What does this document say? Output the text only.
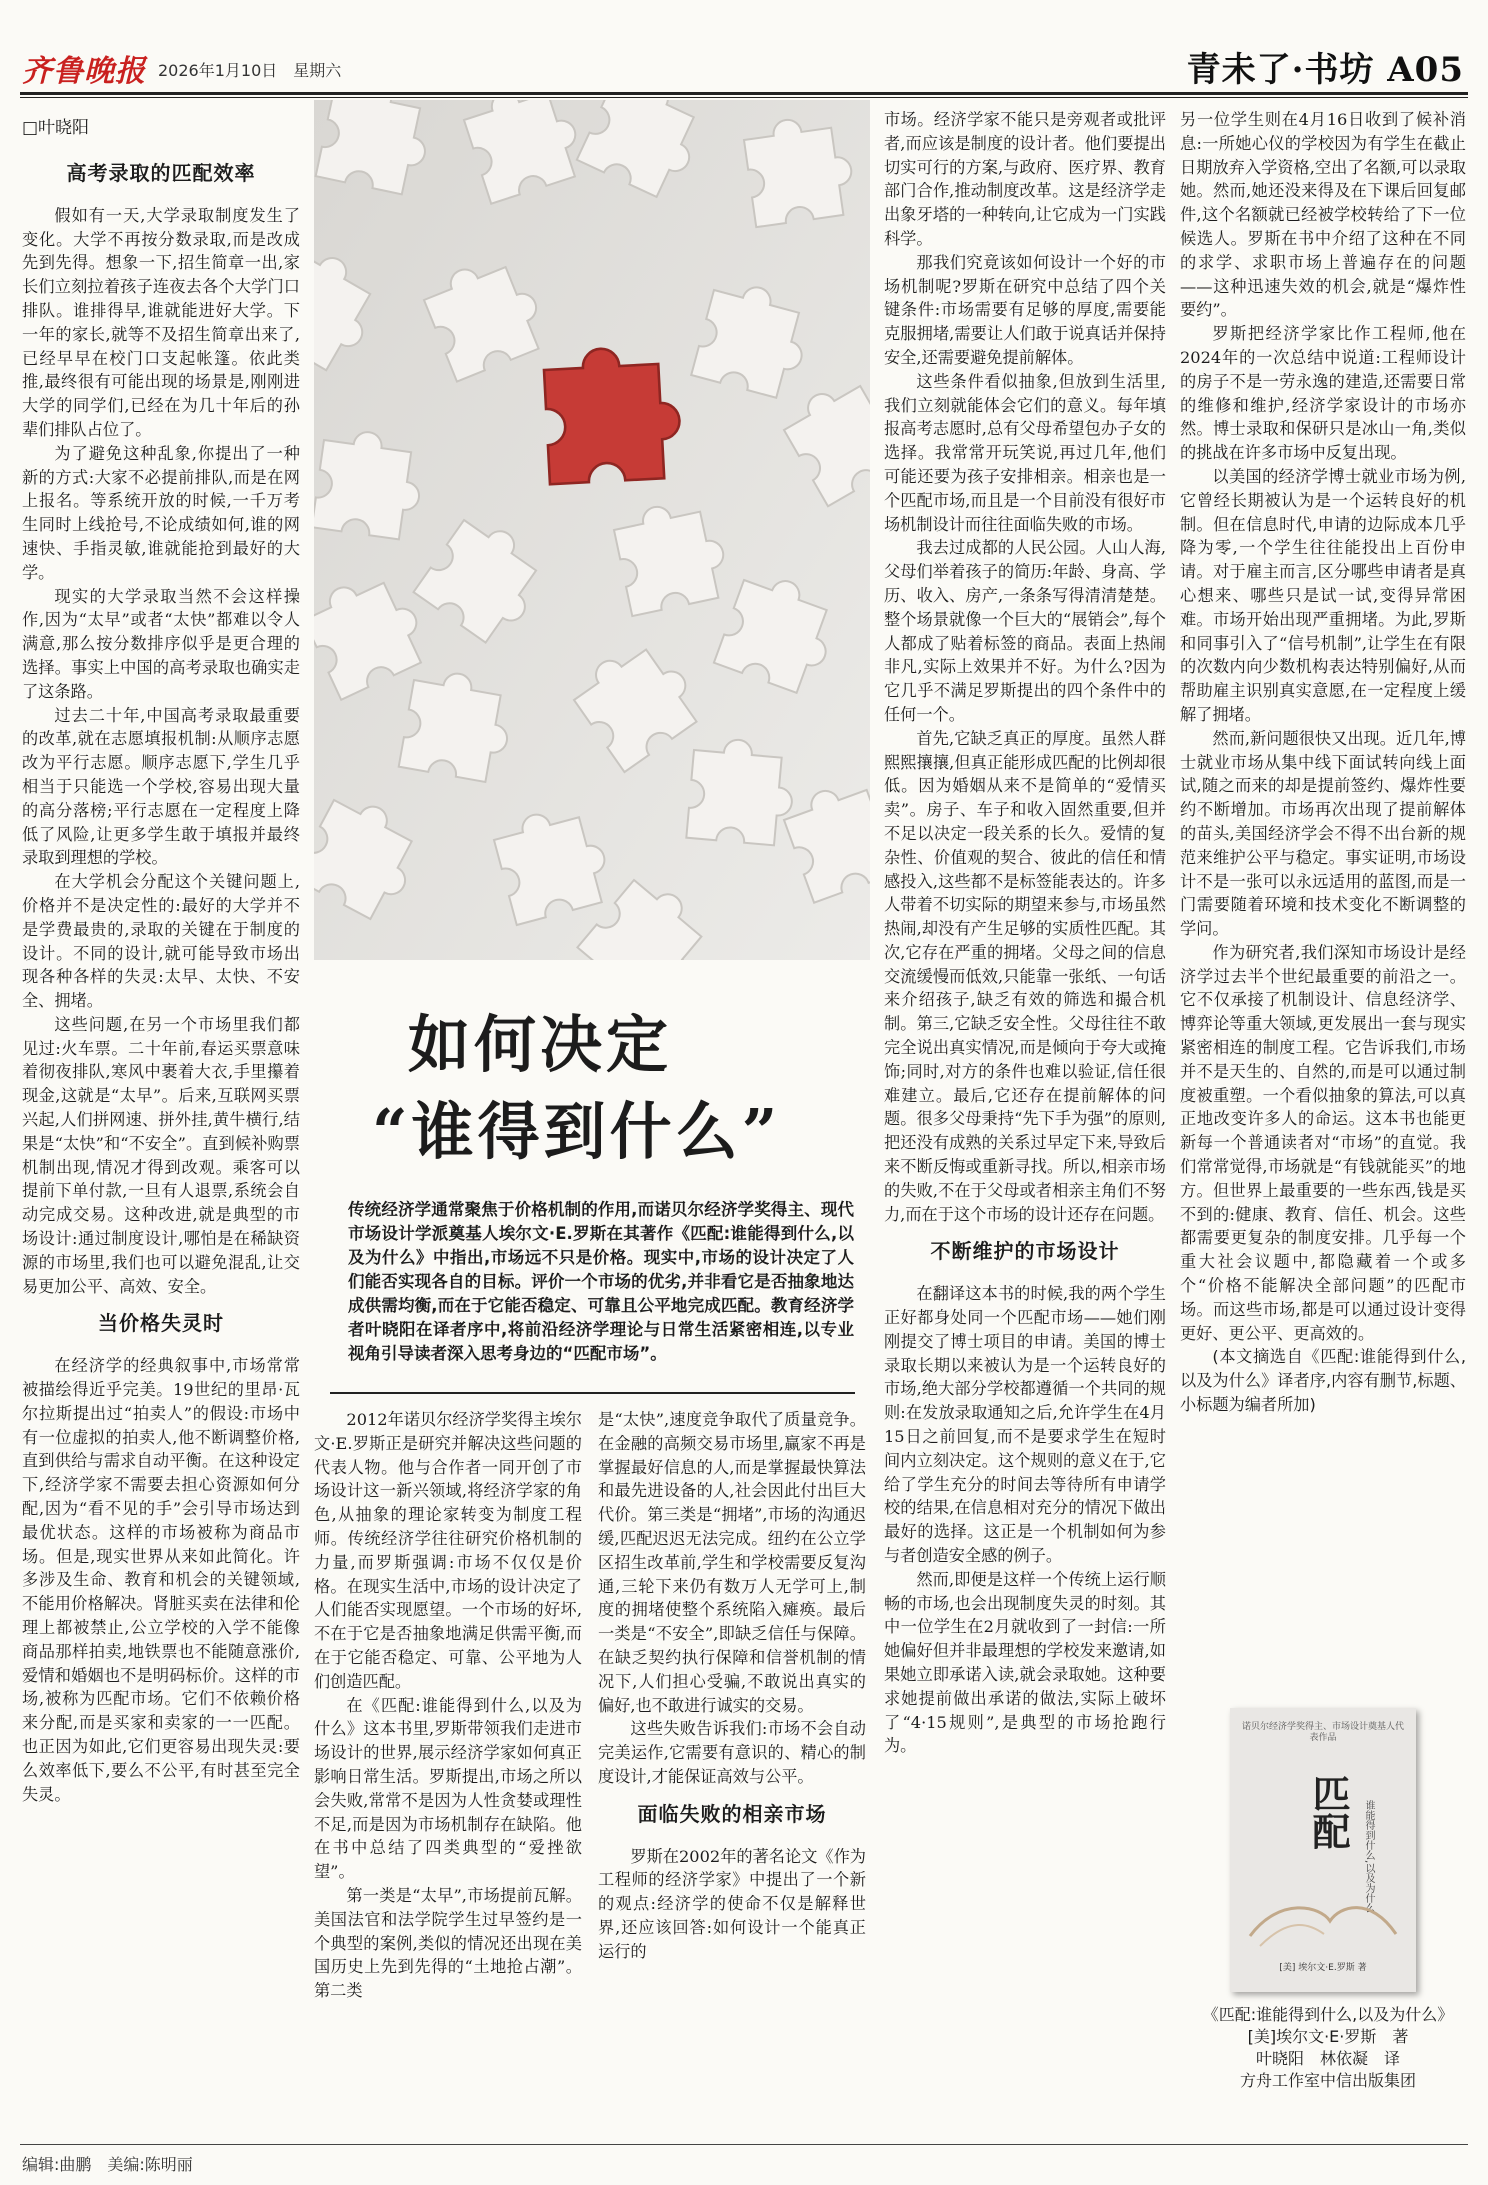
齐鲁晚报 2026年1月10日　星期六	青未了·书坊 A05
□叶晓阳
高考录取的匹配效率

假如有一天,大学录取制度发生了变化。大学不再按分数录取,而是改成先到先得。想象一下,招生简章一出,家长们立刻拉着孩子连夜去各个大学门口排队。谁排得早,谁就能进好大学。下一年的家长,就等不及招生简章出来了,已经早早在校门口支起帐篷。依此类推,最终很有可能出现的场景是,刚刚进大学的同学们,已经在为几十年后的孙辈们排队占位了。

为了避免这种乱象,你提出了一种新的方式:大家不必提前排队,而是在网上报名。等系统开放的时候,一千万考生同时上线抢号,不论成绩如何,谁的网速快、手指灵敏,谁就能抢到最好的大学。

现实的大学录取当然不会这样操作,因为“太早”或者“太快”都难以令人满意,那么按分数排序似乎是更合理的选择。事实上中国的高考录取也确实走了这条路。

过去二十年,中国高考录取最重要的改革,就在志愿填报机制:从顺序志愿改为平行志愿。顺序志愿下,学生几乎相当于只能选一个学校,容易出现大量的高分落榜;平行志愿在一定程度上降低了风险,让更多学生敢于填报并最终录取到理想的学校。

在大学机会分配这个关键问题上,价格并不是决定性的:最好的大学并不是学费最贵的,录取的关键在于制度的设计。不同的设计,就可能导致市场出现各种各样的失灵:太早、太快、不安全、拥堵。

这些问题,在另一个市场里我们都见过:火车票。二十年前,春运买票意味着彻夜排队,寒风中裹着大衣,手里攥着现金,这就是“太早”。后来,互联网买票兴起,人们拼网速、拼外挂,黄牛横行,结果是“太快”和“不安全”。直到候补购票机制出现,情况才得到改观。乘客可以提前下单付款,一旦有人退票,系统会自动完成交易。这种改进,就是典型的市场设计:通过制度设计,哪怕是在稀缺资源的市场里,我们也可以避免混乱,让交易更加公平、高效、安全。

当价格失灵时

在经济学的经典叙事中,市场常常被描绘得近乎完美。19世纪的里昂·瓦尔拉斯提出过“拍卖人”的假设:市场中有一位虚拟的拍卖人,他不断调整价格,直到供给与需求自动平衡。在这种设定下,经济学家不需要去担心资源如何分配,因为“看不见的手”会引导市场达到最优状态。这样的市场被称为商品市场。但是,现实世界从来如此简化。许多涉及生命、教育和机会的关键领域,不能用价格解决。肾脏买卖在法律和伦理上都被禁止,公立学校的入学不能像商品那样拍卖,地铁票也不能随意涨价,爱情和婚姻也不是明码标价。这样的市场,被称为匹配市场。它们不依赖价格来分配,而是买家和卖家的一一匹配。也正因为如此,它们更容易出现失灵:要么效率低下,要么不公平,有时甚至完全失灵。

如何决定
“谁得到什么”
传统经济学通常聚焦于价格机制的作用,而诺贝尔经济学奖得主、现代市场设计学派奠基人埃尔文·E.罗斯在其著作《匹配:谁能得到什么,以及为什么》中指出,市场远不只是价格。现实中,市场的设计决定了人们能否实现各自的目标。评价一个市场的优劣,并非看它是否抽象地达成供需均衡,而在于它能否稳定、可靠且公平地完成匹配。教育经济学者叶晓阳在译者序中,将前沿经济学理论与日常生活紧密相连,以专业视角引导读者深入思考身边的“匹配市场”。

2012年诺贝尔经济学奖得主埃尔文·E.罗斯正是研究并解决这些问题的代表人物。他与合作者一同开创了市场设计这一新兴领域,将经济学家的角色,从抽象的理论家转变为制度工程师。传统经济学往往研究价格机制的力量,而罗斯强调:市场不仅仅是价格。在现实生活中,市场的设计决定了人们能否实现愿望。一个市场的好坏,不在于它是否抽象地满足供需平衡,而在于它能否稳定、可靠、公平地为人们创造匹配。

在《匹配:谁能得到什么,以及为什么》这本书里,罗斯带领我们走进市场设计的世界,展示经济学家如何真正影响日常生活。罗斯提出,市场之所以会失败,常常不是因为人性贪婪或理性不足,而是因为市场机制存在缺陷。他在书中总结了四类典型的“爱挫欲望”。

第一类是“太早”,市场提前瓦解。美国法官和法学院学生过早签约是一个典型的案例,类似的情况还出现在美国历史上先到先得的“土地抢占潮”。第二类

是“太快”,速度竞争取代了质量竞争。在金融的高频交易市场里,赢家不再是掌握最好信息的人,而是掌握最快算法和最先进设备的人,社会因此付出巨大代价。第三类是“拥堵”,市场的沟通迟缓,匹配迟迟无法完成。纽约在公立学区招生改革前,学生和学校需要反复沟通,三轮下来仍有数万人无学可上,制度的拥堵使整个系统陷入瘫痪。最后一类是“不安全”,即缺乏信任与保障。在缺乏契约执行保障和信誉机制的情况下,人们担心受骗,不敢说出真实的偏好,也不敢进行诚实的交易。

这些失败告诉我们:市场不会自动完美运作,它需要有意识的、精心的制度设计,才能保证高效与公平。

面临失败的相亲市场

罗斯在2002年的著名论文《作为工程师的经济学家》中提出了一个新的观点:经济学的使命不仅是解释世界,还应该回答:如何设计一个能真正运行的

市场。经济学家不能只是旁观者或批评者,而应该是制度的设计者。他们要提出切实可行的方案,与政府、医疗界、教育部门合作,推动制度改革。这是经济学走出象牙塔的一种转向,让它成为一门实践科学。

那我们究竟该如何设计一个好的市场机制呢?罗斯在研究中总结了四个关键条件:市场需要有足够的厚度,需要能克服拥堵,需要让人们敢于说真话并保持安全,还需要避免提前解体。

这些条件看似抽象,但放到生活里,我们立刻就能体会它们的意义。每年填报高考志愿时,总有父母希望包办子女的选择。我常常开玩笑说,再过几年,他们可能还要为孩子安排相亲。相亲也是一个匹配市场,而且是一个目前没有很好市场机制设计而往往面临失败的市场。

我去过成都的人民公园。人山人海,父母们举着孩子的简历:年龄、身高、学历、收入、房产,一条条写得清清楚楚。整个场景就像一个巨大的“展销会”,每个人都成了贴着标签的商品。表面上热闹非凡,实际上效果并不好。为什么?因为它几乎不满足罗斯提出的四个条件中的任何一个。

首先,它缺乏真正的厚度。虽然人群熙熙攘攘,但真正能形成匹配的比例却很低。因为婚姻从来不是简单的“爱情买卖”。房子、车子和收入固然重要,但并不足以决定一段关系的长久。爱情的复杂性、价值观的契合、彼此的信任和情感投入,这些都不是标签能表达的。许多人带着不切实际的期望来参与,市场虽然热闹,却没有产生足够的实质性匹配。其次,它存在严重的拥堵。父母之间的信息交流缓慢而低效,只能靠一张纸、一句话来介绍孩子,缺乏有效的筛选和撮合机制。第三,它缺乏安全性。父母往往不敢完全说出真实情况,而是倾向于夸大或掩饰;同时,对方的条件也难以验证,信任很难建立。最后,它还存在提前解体的问题。很多父母秉持“先下手为强”的原则,把还没有成熟的关系过早定下来,导致后来不断反悔或重新寻找。所以,相亲市场的失败,不在于父母或者相亲主角们不努力,而在于这个市场的设计还存在问题。

不断维护的市场设计

在翻译这本书的时候,我的两个学生正好都身处同一个匹配市场——她们刚刚提交了博士项目的申请。美国的博士录取长期以来被认为是一个运转良好的市场,绝大部分学校都遵循一个共同的规则:在发放录取通知之后,允许学生在4月15日之前回复,而不是要求学生在短时间内立刻决定。这个规则的意义在于,它给了学生充分的时间去等待所有申请学校的结果,在信息相对充分的情况下做出最好的选择。这正是一个机制如何为参与者创造安全感的例子。

然而,即便是这样一个传统上运行顺畅的市场,也会出现制度失灵的时刻。其中一位学生在2月就收到了一封信:一所她偏好但并非最理想的学校发来邀请,如果她立即承诺入读,就会录取她。这种要求她提前做出承诺的做法,实际上破坏了“4·15规则”,是典型的市场抢跑行为。

另一位学生则在4月16日收到了候补消息:一所她心仪的学校因为有学生在截止日期放弃入学资格,空出了名额,可以录取她。然而,她还没来得及在下课后回复邮件,这个名额就已经被学校转给了下一位候选人。罗斯在书中介绍了这种在不同的求学、求职市场上普遍存在的问题——这种迅速失效的机会,就是“爆炸性要约”。

罗斯把经济学家比作工程师,他在2024年的一次总结中说道:工程师设计的房子不是一劳永逸的建造,还需要日常的维修和维护,经济学家设计的市场亦然。博士录取和保研只是冰山一角,类似的挑战在许多市场中反复出现。

以美国的经济学博士就业市场为例,它曾经长期被认为是一个运转良好的机制。但在信息时代,申请的边际成本几乎降为零,一个学生往往能投出上百份申请。对于雇主而言,区分哪些申请者是真心想来、哪些只是试一试,变得异常困难。市场开始出现严重拥堵。为此,罗斯和同事引入了“信号机制”,让学生在有限的次数内向少数机构表达特别偏好,从而帮助雇主识别真实意愿,在一定程度上缓解了拥堵。

然而,新问题很快又出现。近几年,博士就业市场从集中线下面试转向线上面试,随之而来的却是提前签约、爆炸性要约不断增加。市场再次出现了提前解体的苗头,美国经济学会不得不出台新的规范来维护公平与稳定。事实证明,市场设计不是一张可以永远适用的蓝图,而是一门需要随着环境和技术变化不断调整的学问。

作为研究者,我们深知市场设计是经济学过去半个世纪最重要的前沿之一。它不仅承接了机制设计、信息经济学、博弈论等重大领域,更发展出一套与现实紧密相连的制度工程。它告诉我们,市场并不是天生的、自然的,而是可以通过制度被重塑。一个看似抽象的算法,可以真正地改变许多人的命运。这本书也能更新每一个普通读者对“市场”的直觉。我们常常觉得,市场就是“有钱就能买”的地方。但世界上最重要的一些东西,钱是买不到的:健康、教育、信任、机会。这些都需要更复杂的制度安排。几乎每一个重大社会议题中,都隐藏着一个或多个“价格不能解决全部问题”的匹配市场。而这些市场,都是可以通过设计变得更好、更公平、更高效的。

(本文摘选自《匹配:谁能得到什么,以及为什么》译者序,内容有删节,标题、小标题为编者所加)

诺贝尔经济学奖得主、市场设计奠基人代表作品
匹配 谁能得到什么,以及为什么
[美] 埃尔文·E.罗斯 著
《匹配:谁能得到什么,以及为什么》
[美]埃尔文·E·罗斯　著
叶晓阳　林依凝　译
方舟工作室中信出版集团
编辑:曲鹏　美编:陈明丽
